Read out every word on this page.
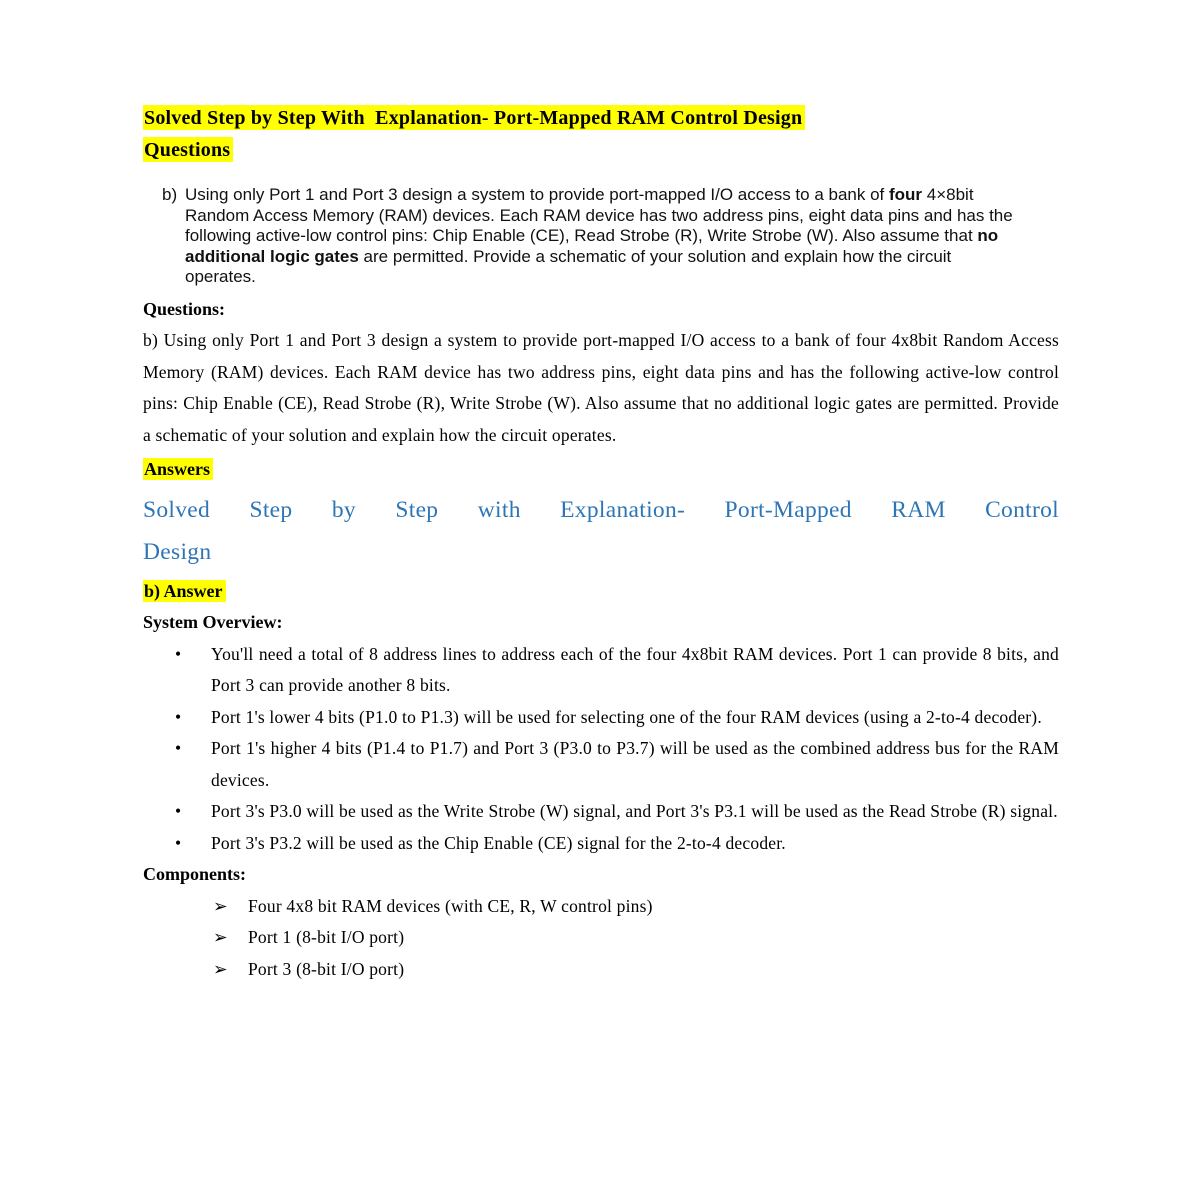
Solved Step by Step With  Explanation- Port-Mapped RAM Control Design
Questions
b) Using only Port 1 and Port 3 design a system to provide port-mapped I/O access to a bank of four 4×8bit Random Access Memory (RAM) devices. Each RAM device has two address pins, eight data pins and has the following active-low control pins: Chip Enable (CE), Read Strobe (R), Write Strobe (W). Also assume that no additional logic gates are permitted. Provide a schematic of your solution and explain how the circuit operates.
Questions:
b) Using only Port 1 and Port 3 design a system to provide port-mapped I/O access to a bank of four 4x8bit Random Access Memory (RAM) devices. Each RAM device has two address pins, eight data pins and has the following active-low control pins: Chip Enable (CE), Read Strobe (R), Write Strobe (W). Also assume that no additional logic gates are permitted. Provide a schematic of your solution and explain how the circuit operates.
Answers
Solved Step by Step with Explanation- Port-Mapped RAM Control
Design
b) Answer
System Overview:
•	You'll need a total of 8 address lines to address each of the four 4x8bit RAM devices. Port 1 can provide 8 bits, and Port 3 can provide another 8 bits.
•	Port 1's lower 4 bits (P1.0 to P1.3) will be used for selecting one of the four RAM devices (using a 2-to-4 decoder).
•	Port 1's higher 4 bits (P1.4 to P1.7) and Port 3 (P3.0 to P3.7) will be used as the combined address bus for the RAM devices.
•	Port 3's P3.0 will be used as the Write Strobe (W) signal, and Port 3's P3.1 will be used as the Read Strobe (R) signal.
•	Port 3's P3.2 will be used as the Chip Enable (CE) signal for the 2-to-4 decoder.
Components:
➢	Four 4x8 bit RAM devices (with CE, R, W control pins)
➢	Port 1 (8-bit I/O port)
➢	Port 3 (8-bit I/O port)
